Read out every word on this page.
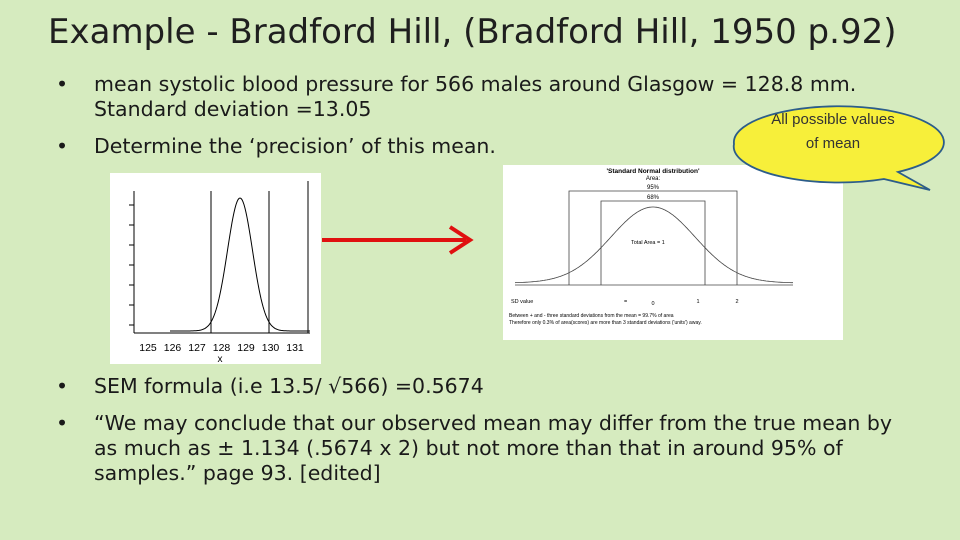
Example - Bradford Hill, (Bradford Hill, 1950 p.92)
• mean systolic blood pressure for 566 males around Glasgow = 128.8 mm. Standard deviation =13.05
• Determine the ‘precision’ of this mean.
125 126 127 128 129 130 131
x
'Standard Normal distribution'
Area:
95%
68%
Total Area = 1
SD value	=	0	1	2
Between + and - three standard deviations from the mean = 99.7% of area
Therefore only 0.3% of area(scores) are more than 3 standard deviations ('units') away.
All possible values of mean
• SEM formula (i.e 13.5/ √566) =0.5674
• “We may conclude that our observed mean may differ from the true mean by as much as ± 1.134 (.5674 x 2) but not more than that in around 95% of samples.” page 93. [edited]
